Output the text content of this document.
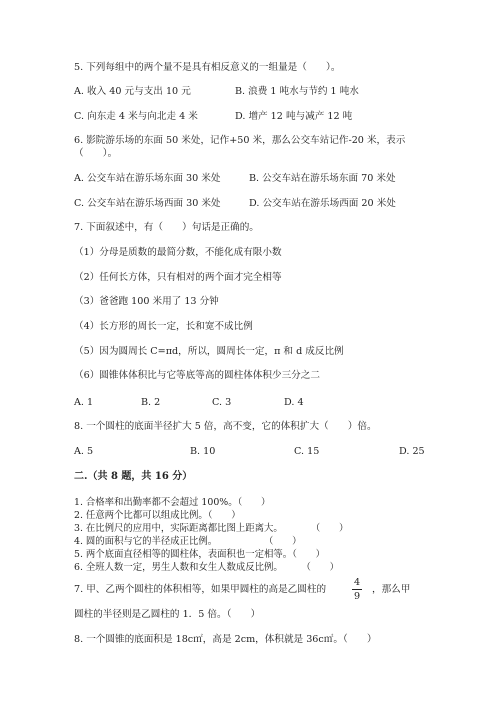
5. 下列每组中的两个量不是具有相反意义的一组量是（　　）。
A. 收入 40 元与支出 10 元	B. 浪费 1 吨水与节约 1 吨水
C. 向东走 4 米与向北走 4 米	D. 增产 12 吨与减产 12 吨
6. 影院游乐场的东面 50 米处，记作+50 米，那么公交车站记作-20 米，表示
（　　）。
A. 公交车站在游乐场东面 30 米处	B. 公交车站在游乐场东面 70 米处
C. 公交车站在游乐场西面 30 米处	D. 公交车站在游乐场西面 20 米处
7. 下面叙述中，有（　　）句话是正确的。
（1）分母是质数的最简分数，不能化成有限小数
（2）任何长方体，只有相对的两个面才完全相等
（3）爸爸跑 100 米用了 13 分钟
（4）长方形的周长一定，长和宽不成比例
（5）因为圆周长 C=πd，所以，圆周长一定，π 和 d 成反比例
（6）圆锥体体积比与它等底等高的圆柱体体积少三分之二
A. 1	B. 2	C. 3	D. 4
8. 一个圆柱的底面半径扩大 5 倍，高不变，它的体积扩大（　　）倍。
A. 5	B. 10	C. 15	D. 25
二.（共 8 题，共 16 分）
1. 合格率和出勤率都不会超过 100%。（　　）
2. 任意两个比都可以组成比例。（　　）
3. 在比例尺的应用中，实际距离都比图上距离大。　　　　（　　）
4. 圆的面积与它的半径成正比例。　　　　　　（　　）
5. 两个底面直径相等的圆柱体，表面积也一定相等。（　　）
6. 全班人数一定，男生人数和女生人数成反比例。　　　（　　）
7. 甲、乙两个圆柱的体积相等，如果甲圆柱的高是乙圆柱的
4
9
，那么甲
圆柱的半径则是乙圆柱的 1．5 倍。（　　）
8. 一个圆锥的底面积是 18c㎡，高是 2cm，体积就是 36c㎡。（　　）
